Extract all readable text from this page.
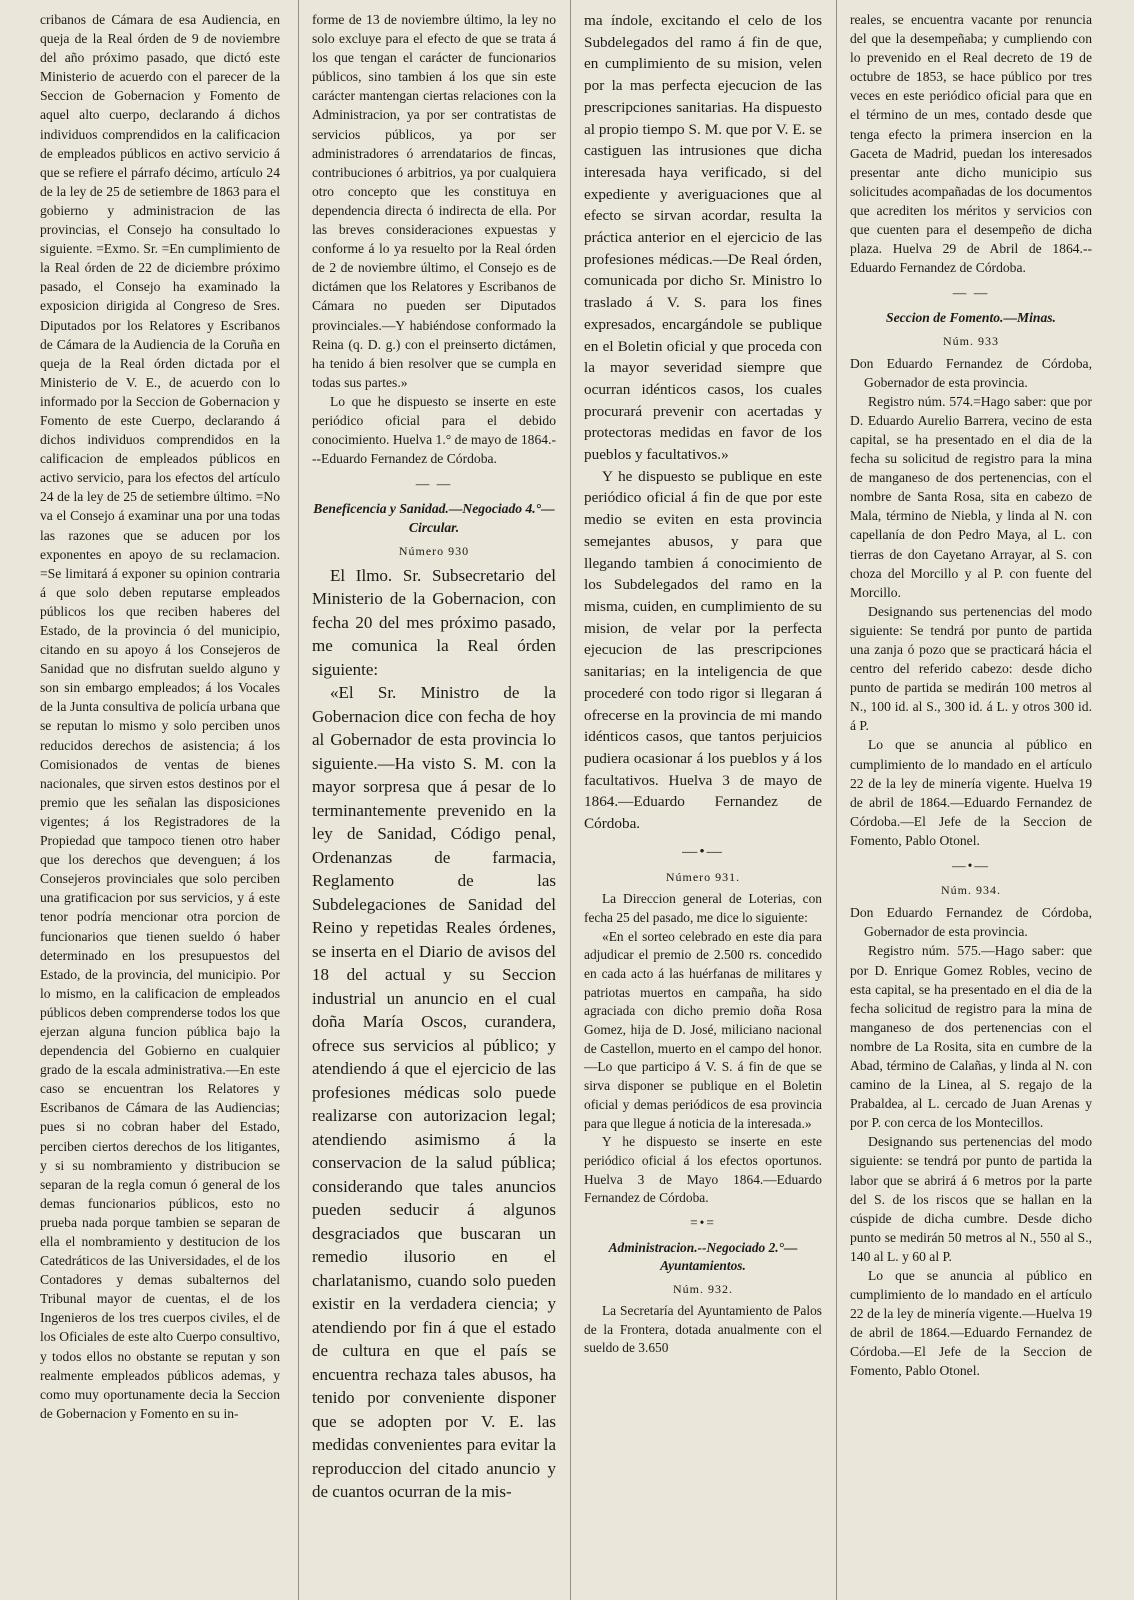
cribanos de Cámara de esa Audiencia, en queja de la Real órden de 9 de noviembre del año próximo pasado, que dictó este Ministerio de acuerdo con el parecer de la Seccion de Gobernacion y Fomento de aquel alto cuerpo, declarando á dichos individuos comprendidos en la calificacion de empleados públicos en activo servicio á que se refiere el párrafo décimo, artículo 24 de la ley de 25 de setiembre de 1863 para el gobierno y administracion de las provincias, el Consejo ha consultado lo siguiente. =Exmo. Sr. =En cumplimiento de la Real órden de 22 de diciembre próximo pasado, el Consejo ha examinado la exposicion dirigida al Congreso de Sres. Diputados por los Relatores y Escribanos de Cámara de la Audiencia de la Coruña en queja de la Real órden dictada por el Ministerio de V. E., de acuerdo con lo informado por la Seccion de Gobernacion y Fomento de este Cuerpo, declarando á dichos individuos comprendidos en la calificacion de empleados públicos en activo servicio, para los efectos del artículo 24 de la ley de 25 de setiembre último. =No va el Consejo á examinar una por una todas las razones que se aducen por los exponentes en apoyo de su reclamacion. =Se limitará á exponer su opinion contraria á que solo deben reputarse empleados públicos los que reciben haberes del Estado, de la provincia ó del municipio, citando en su apoyo á los Consejeros de Sanidad que no disfrutan sueldo alguno y son sin embargo empleados; á los Vocales de la Junta consultiva de policía urbana que se reputan lo mismo y solo perciben unos reducidos derechos de asistencia; á los Comisionados de ventas de bienes nacionales, que sirven estos destinos por el premio que les señalan las disposiciones vigentes; á los Registradores de la Propiedad que tampoco tienen otro haber que los derechos que devenguen; á los Consejeros provinciales que solo perciben una gratificacion por sus servicios, y á este tenor podría mencionar otra porcion de funcionarios que tienen sueldo ó haber determinado en los presupuestos del Estado, de la provincia, del municipio. Por lo mismo, en la calificacion de empleados públicos deben comprenderse todos los que ejerzan alguna funcion pública bajo la dependencia del Gobierno en cualquier grado de la escala administrativa.—En este caso se encuentran los Relatores y Escribanos de Cámara de las Audiencias; pues si no cobran haber del Estado, perciben ciertos derechos de los litigantes, y si su nombramiento y distribucion se separan de la regla comun ó general de los demas funcionarios públicos, esto no prueba nada porque tambien se separan de ella el nombramiento y destitucion de los Catedráticos de las Universidades, el de los Contadores y demas subalternos del Tribunal mayor de cuentas, el de los Ingenieros de los tres cuerpos civiles, el de los Oficiales de este alto Cuerpo consultivo, y todos ellos no obstante se reputan y son realmente empleados públicos ademas, y como muy oportunamente decia la Seccion de Gobernacion y Fomento en su in-

forme de 13 de noviembre último, la ley no solo excluye para el efecto de que se trata á los que tengan el carácter de funcionarios públicos, sino tambien á los que sin este carácter mantengan ciertas relaciones con la Administracion, ya por ser contratistas de servicios públicos, ya por ser administradores ó arrendatarios de fincas, contribuciones ó arbitrios, ya por cualquiera otro concepto que les constituya en dependencia directa ó indirecta de ella. Por las breves consideraciones expuestas y conforme á lo ya resuelto por la Real órden de 2 de noviembre último, el Consejo es de dictámen que los Relatores y Escribanos de Cámara no pueden ser Diputados provinciales.—Y habiéndose conformado la Reina (q. D. g.) con el preinserto dictámen, ha tenido á bien resolver que se cumpla en todas sus partes.»

Lo que he dispuesto se inserte en este periódico oficial para el debido conocimiento. Huelva 1.° de mayo de 1864.---Eduardo Fernandez de Córdoba.

— —

Beneficencia y Sanidad.—Negociado 4.°—Circular.

Número 930

El Ilmo. Sr. Subsecretario del Ministerio de la Gobernacion, con fecha 20 del mes próximo pasado, me comunica la Real órden siguiente:

«El Sr. Ministro de la Gobernacion dice con fecha de hoy al Gobernador de esta provincia lo siguiente.—Ha visto S. M. con la mayor sorpresa que á pesar de lo terminantemente prevenido en la ley de Sanidad, Código penal, Ordenanzas de farmacia, Reglamento de las Subdelegaciones de Sanidad del Reino y repetidas Reales órdenes, se inserta en el Diario de avisos del 18 del actual y su Seccion industrial un anuncio en el cual doña María Oscos, curandera, ofrece sus servicios al público; y atendiendo á que el ejercicio de las profesiones médicas solo puede realizarse con autorizacion legal; atendiendo asimismo á la conservacion de la salud pública; considerando que tales anuncios pueden seducir á algunos desgraciados que buscaran un remedio ilusorio en el charlatanismo, cuando solo pueden existir en la verdadera ciencia; y atendiendo por fin á que el estado de cultura en que el país se encuentra rechaza tales abusos, ha tenido por conveniente disponer que se adopten por V. E. las medidas convenientes para evitar la reproduccion del citado anuncio y de cuantos ocurran de la mis-

ma índole, excitando el celo de los Subdelegados del ramo á fin de que, en cumplimiento de su mision, velen por la mas perfecta ejecucion de las prescripciones sanitarias. Ha dispuesto al propio tiempo S. M. que por V. E. se castiguen las intrusiones que dicha interesada haya verificado, si del expediente y averiguaciones que al efecto se sirvan acordar, resulta la práctica anterior en el ejercicio de las profesiones médicas.—De Real órden, comunicada por dicho Sr. Ministro lo traslado á V. S. para los fines expresados, encargándole se publique en el Boletin oficial y que proceda con la mayor severidad siempre que ocurran idénticos casos, los cuales procurará prevenir con acertadas y protectoras medidas en favor de los pueblos y facultativos.»

Y he dispuesto se publique en este periódico oficial á fin de que por este medio se eviten en esta provincia semejantes abusos, y para que llegando tambien á conocimiento de los Subdelegados del ramo en la misma, cuiden, en cumplimiento de su mision, de velar por la perfecta ejecucion de las prescripciones sanitarias; en la inteligencia de que procederé con todo rigor si llegaran á ofrecerse en la provincia de mi mando idénticos casos, que tantos perjuicios pudiera ocasionar á los pueblos y á los facultativos. Huelva 3 de mayo de 1864.—Eduardo Fernandez de Córdoba.

—•—

Número 931.

La Direccion general de Loterias, con fecha 25 del pasado, me dice lo siguiente:

«En el sorteo celebrado en este dia para adjudicar el premio de 2.500 rs. concedido en cada acto á las huérfanas de militares y patriotas muertos en campaña, ha sido agraciada con dicho premio doña Rosa Gomez, hija de D. José, miliciano nacional de Castellon, muerto en el campo del honor.—Lo que participo á V. S. á fin de que se sirva disponer se publique en el Boletin oficial y demas periódicos de esa provincia para que llegue á noticia de la interesada.»

Y he dispuesto se inserte en este periódico oficial á los efectos oportunos. Huelva 3 de Mayo 1864.—Eduardo Fernandez de Córdoba.

=•=

Administracion.--Negociado 2.°—Ayuntamientos.

Núm. 932.

La Secretaría del Ayuntamiento de Palos de la Frontera, dotada anualmente con el sueldo de 3.650

reales, se encuentra vacante por renuncia del que la desempeñaba; y cumpliendo con lo prevenido en el Real decreto de 19 de octubre de 1853, se hace público por tres veces en este periódico oficial para que en el término de un mes, contado desde que tenga efecto la primera insercion en la Gaceta de Madrid, puedan los interesados presentar ante dicho municipio sus solicitudes acompañadas de los documentos que acrediten los méritos y servicios con que cuenten para el desempeño de dicha plaza. Huelva 29 de Abril de 1864.--Eduardo Fernandez de Córdoba.

— —

Seccion de Fomento.—Minas.

Núm. 933

Don Eduardo Fernandez de Córdoba, Gobernador de esta provincia.

Registro núm. 574.=Hago saber: que por D. Eduardo Aurelio Barrera, vecino de esta capital, se ha presentado en el dia de la fecha su solicitud de registro para la mina de manganeso de dos pertenencias, con el nombre de Santa Rosa, sita en cabezo de Mala, término de Niebla, y linda al N. con capellanía de don Pedro Maya, al L. con tierras de don Cayetano Arrayar, al S. con choza del Morcillo y al P. con fuente del Morcillo.

Designando sus pertenencias del modo siguiente: Se tendrá por punto de partida una zanja ó pozo que se practicará hácia el centro del referido cabezo: desde dicho punto de partida se medirán 100 metros al N., 100 id. al S., 300 id. á L. y otros 300 id. á P.

Lo que se anuncia al público en cumplimiento de lo mandado en el artículo 22 de la ley de minería vigente. Huelva 19 de abril de 1864.—Eduardo Fernandez de Córdoba.—El Jefe de la Seccion de Fomento, Pablo Otonel.

—•—

Núm. 934.

Don Eduardo Fernandez de Córdoba, Gobernador de esta provincia.

Registro núm. 575.—Hago saber: que por D. Enrique Gomez Robles, vecino de esta capital, se ha presentado en el dia de la fecha solicitud de registro para la mina de manganeso de dos pertenencias con el nombre de La Rosita, sita en cumbre de la Abad, término de Calañas, y linda al N. con camino de la Linea, al S. regajo de la Prabaldea, al L. cercado de Juan Arenas y por P. con cerca de los Montecillos.

Designando sus pertenencias del modo siguiente: se tendrá por punto de partida la labor que se abrirá á 6 metros por la parte del S. de los riscos que se hallan en la cúspide de dicha cumbre. Desde dicho punto se medirán 50 metros al N., 550 al S., 140 al L. y 60 al P.

Lo que se anuncia al público en cumplimiento de lo mandado en el artículo 22 de la ley de minería vigente.—Huelva 19 de abril de 1864.—Eduardo Fernandez de Córdoba.—El Jefe de la Seccion de Fomento, Pablo Otonel.
